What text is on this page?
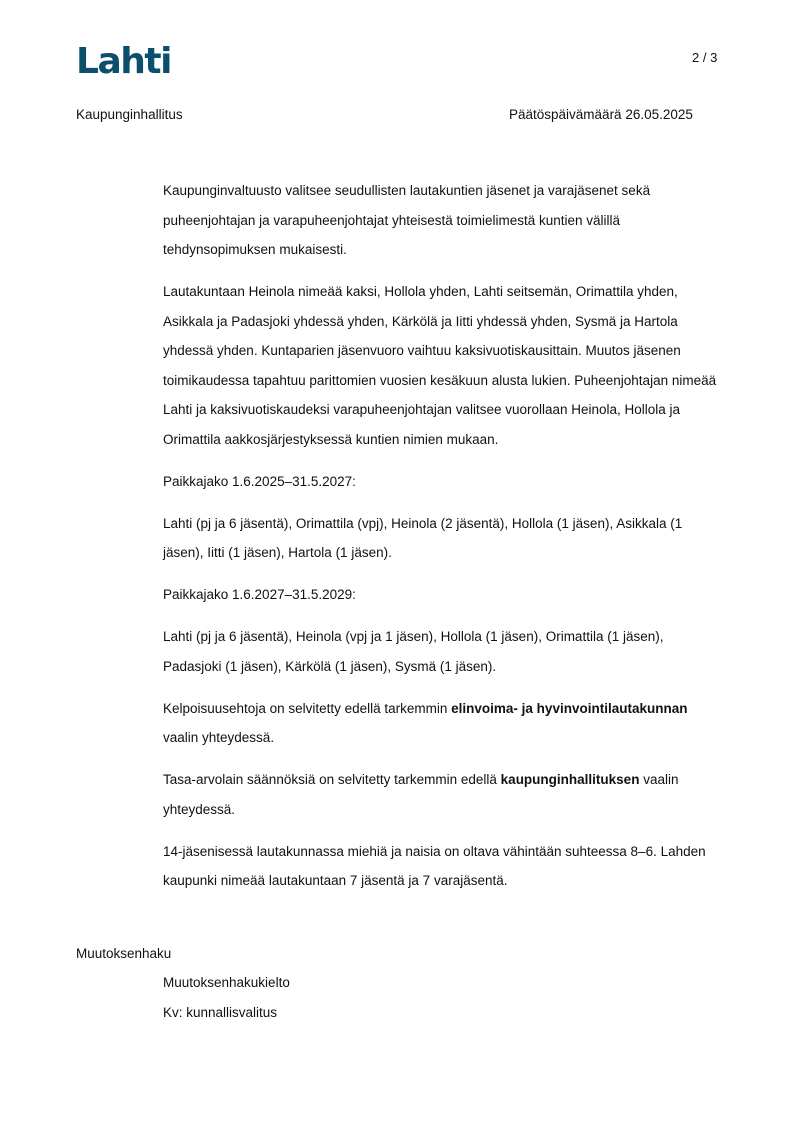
Lahti	2 / 3
Kaupunginhallitus	Päätöspäivämäärä 26.05.2025

Kaupunginvaltuusto valitsee seudullisten lautakuntien jäsenet ja varajäsenet sekä puheenjohtajan ja varapuheenjohtajat yhteisestä toimielimestä kuntien välillä tehdynsopimuksen mukaisesti.

Lautakuntaan Heinola nimeää kaksi, Hollola yhden, Lahti seitsemän, Orimattila yhden, Asikkala ja Padasjoki yhdessä yhden, Kärkölä ja Iitti yhdessä yhden, Sysmä ja Hartola yhdessä yhden. Kuntaparien jäsenvuoro vaihtuu kaksivuotiskausittain. Muutos jäsenen toimikaudessa tapahtuu parittomien vuosien kesäkuun alusta lukien. Puheenjohtajan nimeää Lahti ja kaksivuotiskaudeksi varapuheenjohtajan valitsee vuorollaan Heinola, Hollola ja Orimattila aakkosjärjestyksessä kuntien nimien mukaan.

Paikkajako 1.6.2025–31.5.2027:

Lahti (pj ja 6 jäsentä), Orimattila (vpj), Heinola (2 jäsentä), Hollola (1 jäsen), Asikkala (1 jäsen), Iitti (1 jäsen), Hartola (1 jäsen).

Paikkajako 1.6.2027–31.5.2029:

Lahti (pj ja 6 jäsentä), Heinola (vpj ja 1 jäsen), Hollola (1 jäsen), Orimattila (1 jäsen), Padasjoki (1 jäsen), Kärkölä (1 jäsen), Sysmä (1 jäsen).

Kelpoisuusehtoja on selvitetty edellä tarkemmin elinvoima- ja hyvinvointilautakunnan vaalin yhteydessä.

Tasa-arvolain säännöksiä on selvitetty tarkemmin edellä kaupunginhallituksen vaalin yhteydessä.

14-jäsenisessä lautakunnassa miehiä ja naisia on oltava vähintään suhteessa 8–6. Lahden kaupunki nimeää lautakuntaan 7 jäsentä ja 7 varajäsentä.

Muutoksenhaku
Muutoksenhakukielto
Kv: kunnallisvalitus
